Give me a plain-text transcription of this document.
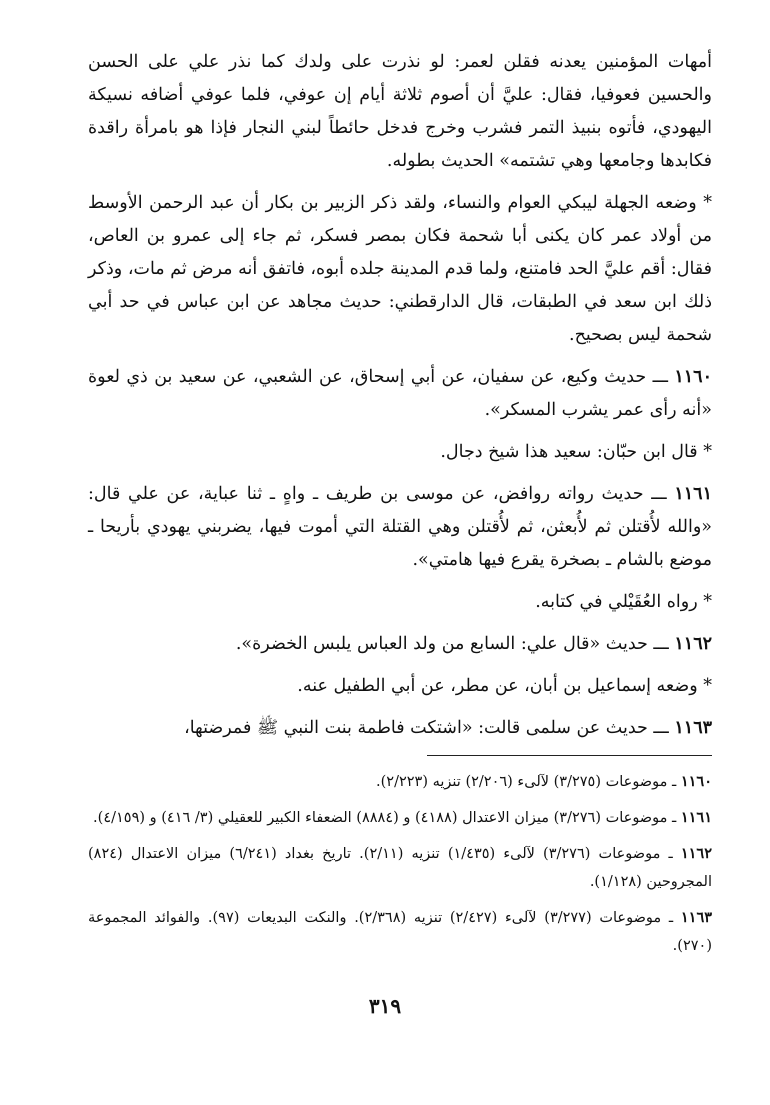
أمهات المؤمنين يعدنه فقلن لعمر: لو نذرت على ولدك كما نذر علي على الحسن والحسين فعوفيا، فقال: عليَّ أن أصوم ثلاثة أيام إن عوفي، فلما عوفي أضافه نسيكة اليهودي، فأتوه بنبيذ التمر فشرب وخرج فدخل حائطاً لبني النجار فإذا هو بامرأة راقدة فكابدها وجامعها وهي تشتمه» الحديث بطوله.

* وضعه الجهلة ليبكي العوام والنساء، ولقد ذكر الزبير بن بكار أن عبد الرحمن الأوسط من أولاد عمر كان يكنى أبا شحمة فكان بمصر فسكر، ثم جاء إلى عمرو بن العاص، فقال: أقم عليَّ الحد فامتنع، ولما قدم المدينة جلده أبوه، فاتفق أنه مرض ثم مات، وذكر ذلك ابن سعد في الطبقات، قال الدارقطني: حديث مجاهد عن ابن عباس في حد أبي شحمة ليس بصحيح.

١١٦٠ ـــ حديث وكيع، عن سفيان، عن أبي إسحاق، عن الشعبي، عن سعيد بن ذي لعوة «أنه رأى عمر يشرب المسكر».

* قال ابن حبّان: سعيد هذا شيخ دجال.

١١٦١ ـــ حديث رواته روافض، عن موسى بن طريف ـ واهٍ ـ ثنا عباية، عن علي قال: «والله لأُقتلن ثم لأُبعثن، ثم لأُقتلن وهي القتلة التي أموت فيها، يضربني يهودي بأريحا ـ موضع بالشام ـ بصخرة يقرع فيها هامتي».

* رواه العُقَيْلي في كتابه.

١١٦٢ ـــ حديث «قال علي: السابع من ولد العباس يلبس الخضرة».

* وضعه إسماعيل بن أبان، عن مطر، عن أبي الطفيل عنه.

١١٦٣ ـــ حديث عن سلمى قالت: «اشتكت فاطمة بنت النبي ﷺ فمرضتها،

١١٦٠ ـ موضوعات (٣/٢٧٥) لآلىء (٢/٢٠٦) تنزيه (٢/٢٢٣).

١١٦١ ـ موضوعات (٣/٢٧٦) ميزان الاعتدال (٤١٨٨) و (٨٨٨٤) الضعفاء الكبير للعقيلي (٣/ ٤١٦) و (٤/١٥٩).

١١٦٢ ـ موضوعات (٣/٢٧٦) لآلىء (١/٤٣٥) تنزيه (٢/١١). تاريخ بغداد (٦/٢٤١) ميزان الاعتدال (٨٢٤) المجروحين (١/١٢٨).

١١٦٣ ـ موضوعات (٣/٢٧٧) لآلىء (٢/٤٢٧) تنزيه (٢/٣٦٨). والنكت البديعات (٩٧). والفوائد المجموعة (٢٧٠).

٣١٩
